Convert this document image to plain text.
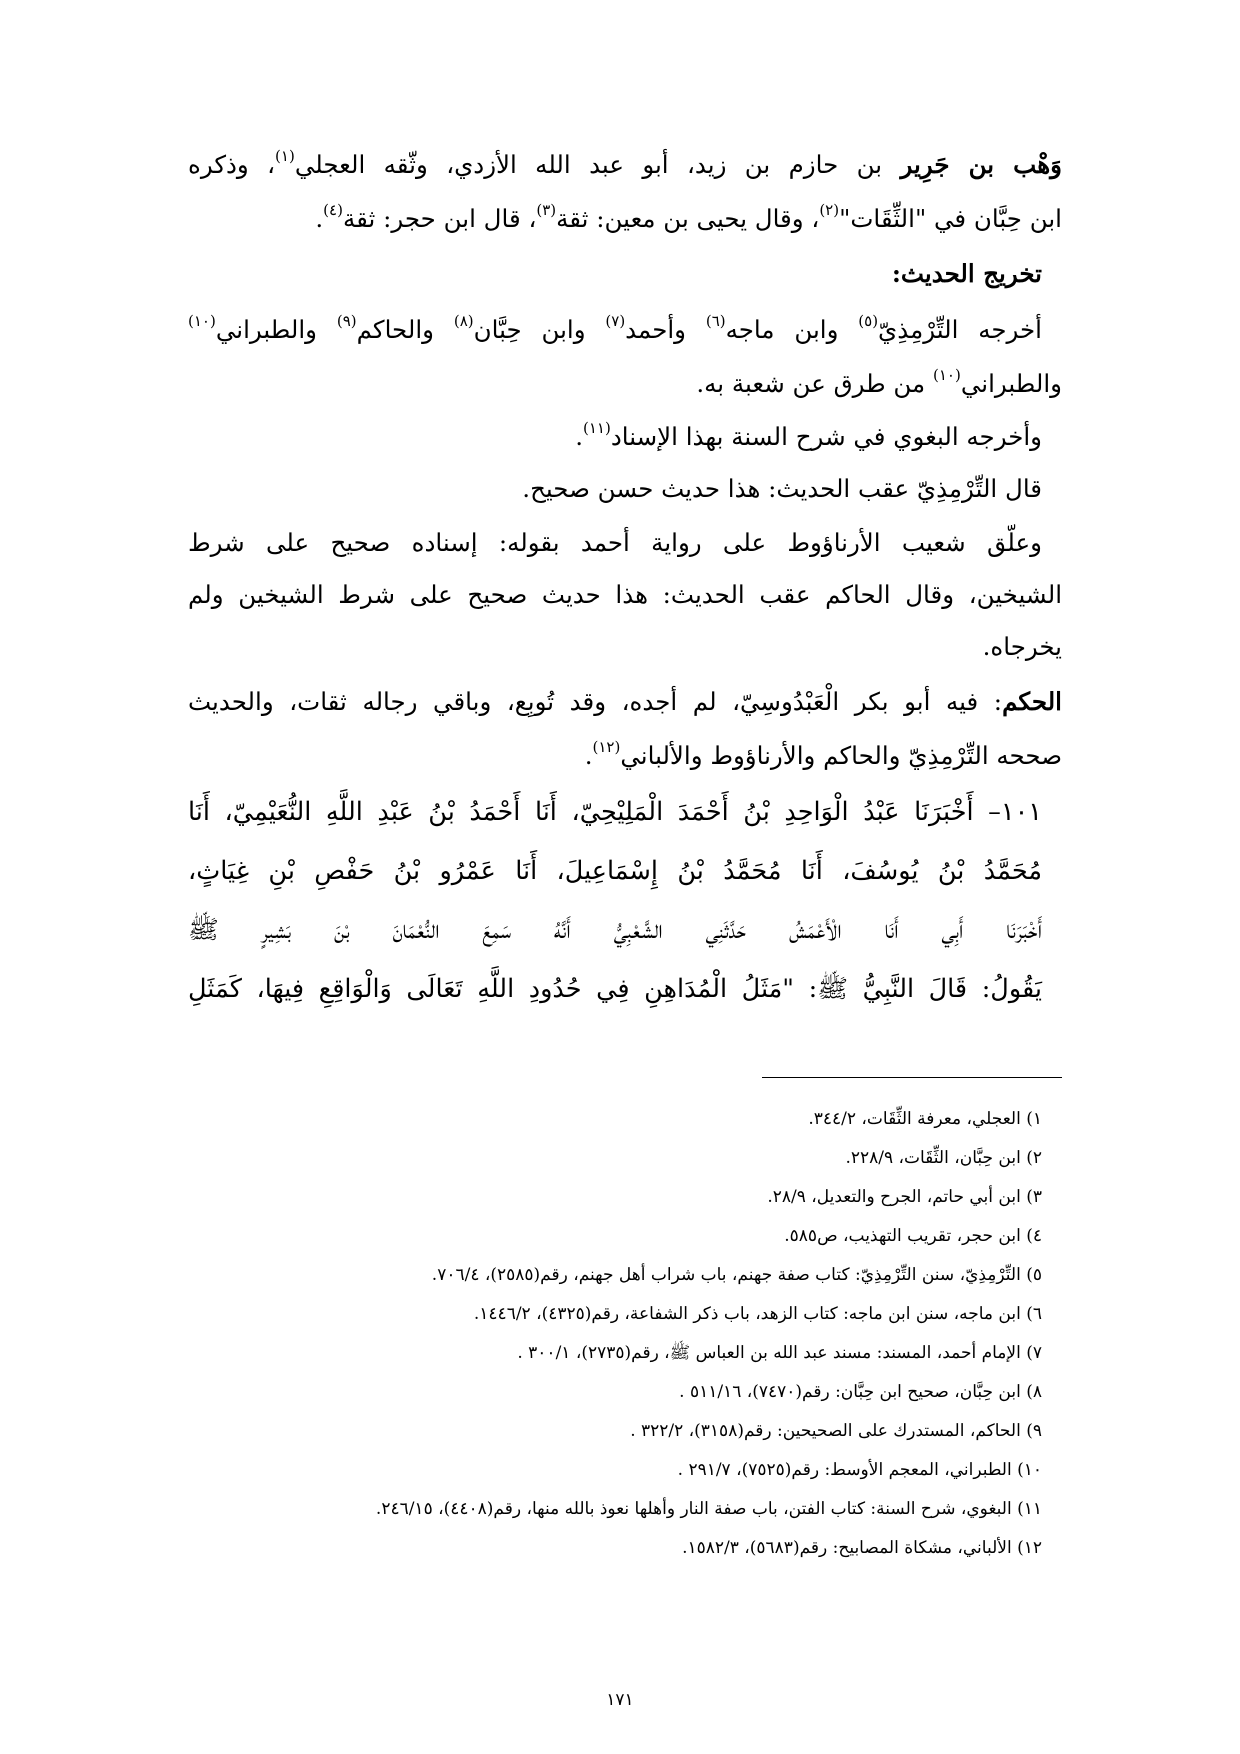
وَهْب بن جَرِير بن حازم بن زيد، أبو عبد الله الأزدي، وثّقه العجلي$^{(١)}$، وذكره
ابن حِبَّان في "الثِّقَات"$^{(٢)}$، وقال يحيى بن معين: ثقة$^{(٣)}$، قال ابن حجر: ثقة$^{(٤)}$.
تخريج الحديث:
أخرجه التِّرْمِذِيّ$^{(٥)}$ وابن ماجه$^{(٦)}$ وأحمد$^{(٧)}$ وابن حِبَّان$^{(٨)}$ والحاكم$^{(٩)}$ والطبراني$^{(١٠)}$
والطبراني$^{(١٠)}$ من طرق عن شعبة به.
وأخرجه البغوي في شرح السنة بهذا الإسناد$^{(١١)}$.
قال التِّرْمِذِيّ عقب الحديث: هذا حديث حسن صحيح.
وعلّق شعيب الأرناؤوط على رواية أحمد بقوله: إسناده صحيح على شرط
الشيخين، وقال الحاكم عقب الحديث: هذا حديث صحيح على شرط الشيخين ولم
يخرجاه.
الحكم: فيه أبو بكر الْعَبْدُوسِيّ، لم أجده، وقد تُوبِع، وباقي رجاله ثقات، والحديث
صححه التِّرْمِذِيّ والحاكم والأرناؤوط والألباني$^{(١٢)}$.
١٠١– أَخْبَرَنَا عَبْدُ الْوَاحِدِ بْنُ أَحْمَدَ الْمَلِيْحِيّ، أَنَا أَحْمَدُ بْنُ عَبْدِ اللَّهِ النُّعَيْمِيّ، أَنَا
مُحَمَّدُ بْنُ يُوسُفَ، أَنَا مُحَمَّدُ بْنُ إِسْمَاعِيلَ، أَنَا عَمْرُو بْنُ حَفْصِ بْنِ غِيَاثٍ،
أَخْبَرَنَا أَبِي أَنَا الْأَعْمَشُ حَدَّثَنِي الشَّعْبِيُّ أَنَّهُ سَمِعَ النُّعْمَانَ بْنَ بَشِيرٍ ﷺ
يَقُولُ: قَالَ النَّبِيُّ ﷺ: "مَثَلُ الْمُدَاهِنِ فِي حُدُودِ اللَّهِ تَعَالَى وَالْوَاقِعِ فِيهَا، كَمَثَلِ
١) العجلي، معرفة الثِّقَات، ٣٤٤/٢.
٢) ابن حِبَّان، الثِّقَات، ٢٢٨/٩.
٣) ابن أبي حاتم، الجرح والتعديل، ٢٨/٩.
٤) ابن حجر، تقريب التهذيب، ص٥٨٥.
٥) التِّرْمِذِيّ، سنن التِّرْمِذِيّ: كتاب صفة جهنم، باب شراب أهل جهنم، رقم(٢٥٨٥)، ٧٠٦/٤.
٦) ابن ماجه، سنن ابن ماجه: كتاب الزهد، باب ذكر الشفاعة، رقم(٤٣٢٥)، ١٤٤٦/٢.
٧) الإمام أحمد، المسند: مسند عبد الله بن العباس ﷺ، رقم(٢٧٣٥)، ٣٠٠/١ .
٨) ابن حِبَّان، صحيح ابن حِبَّان: رقم(٧٤٧٠)، ٥١١/١٦ .
٩) الحاكم، المستدرك على الصحيحين: رقم(٣١٥٨)، ٣٢٢/٢ .
١٠) الطبراني، المعجم الأوسط: رقم(٧٥٢٥)، ٢٩١/٧ .
١١) البغوي، شرح السنة: كتاب الفتن، باب صفة النار وأهلها نعوذ بالله منها، رقم(٤٤٠٨)، ٢٤٦/١٥.
١٢) الألباني، مشكاة المصابيح: رقم(٥٦٨٣)، ١٥٨٢/٣.
١٧١
